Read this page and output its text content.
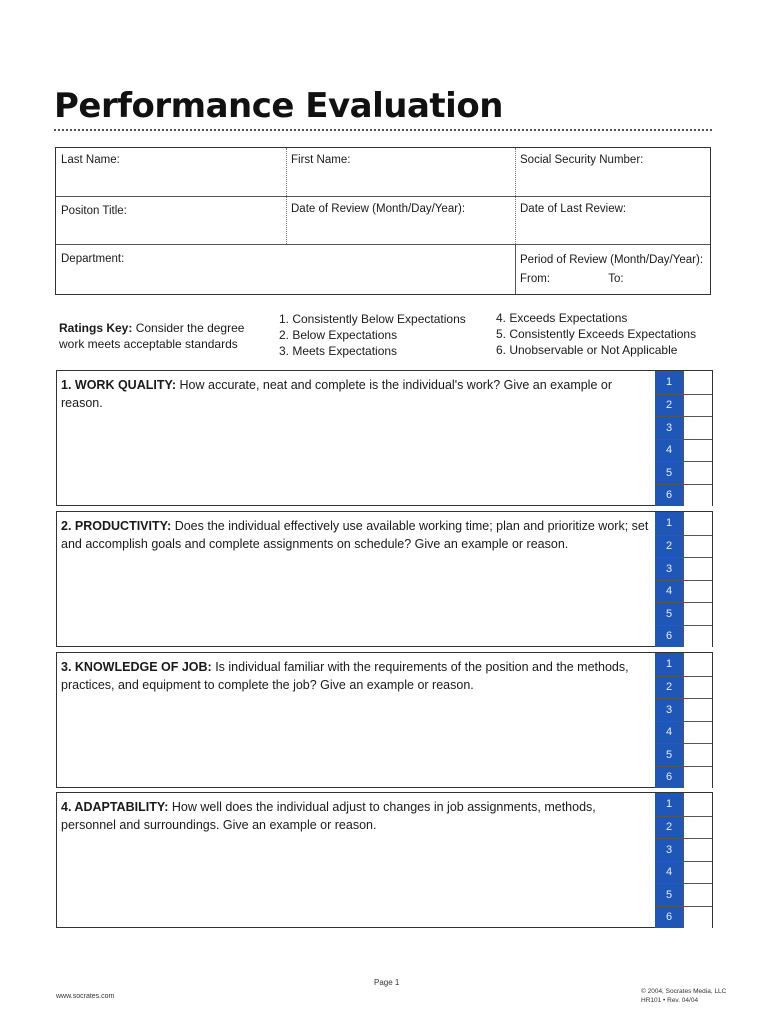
Performance Evaluation
Last Name:	First Name:	Social Security Number:
Positon Title:	Date of Review (Month/Day/Year):	Date of Last Review:
Department:	Period of Review (Month/Day/Year):
From:	To:
Ratings Key: Consider the degree work meets acceptable standards
1. Consistently Below Expectations
2. Below Expectations
3. Meets Expectations
4. Exceeds Expectations
5. Consistently Exceeds Expectations
6. Unobservable or Not Applicable
1. WORK QUALITY: How accurate, neat and complete is the individual's work? Give an example or reason.
1
2
3
4
5
6
2. PRODUCTIVITY: Does the individual effectively use available working time; plan and prioritize work; set and accomplish goals and complete assignments on schedule? Give an example or reason.
1
2
3
4
5
6
3. KNOWLEDGE OF JOB: Is individual familiar with the requirements of the position and the methods, practices, and equipment to complete the job? Give an example or reason.
1
2
3
4
5
6
4. ADAPTABILITY: How well does the individual adjust to changes in job assignments, methods, personnel and surroundings. Give an example or reason.
1
2
3
4
5
6
www.socrates.com
Page 1
© 2004, Socrates Media, LLC
HR101 • Rev. 04/04
